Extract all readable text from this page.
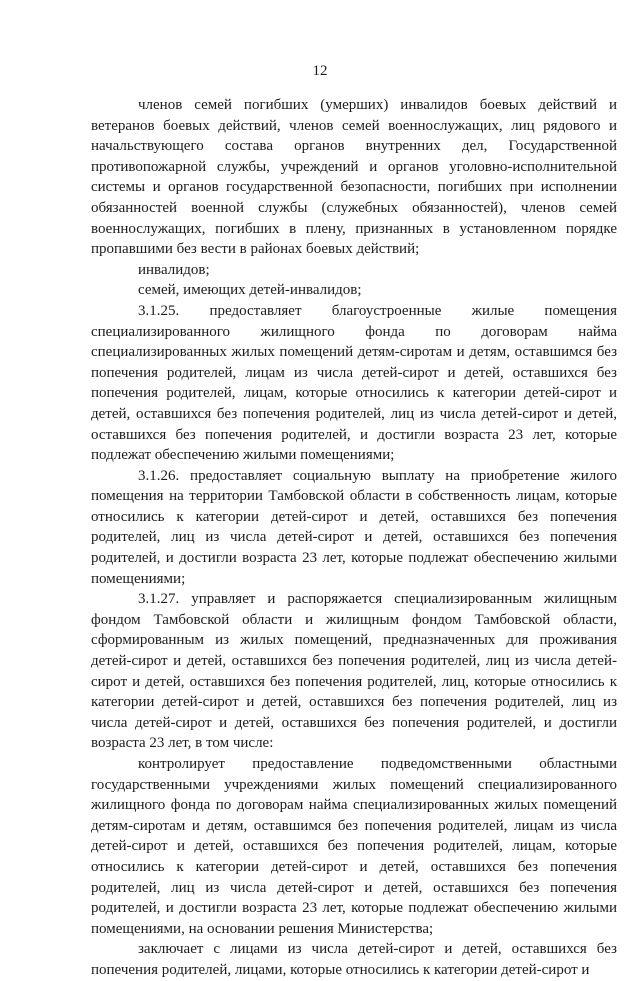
12

членов семей погибших (умерших) инвалидов боевых действий и ветеранов боевых действий, членов семей военнослужащих, лиц рядового и начальствующего состава органов внутренних дел, Государственной противопожарной службы, учреждений и органов уголовно-исполнительной системы и органов государственной безопасности, погибших при исполнении обязанностей военной службы (служебных обязанностей), членов семей военнослужащих, погибших в плену, признанных в установленном порядке пропавшими без вести в районах боевых действий;

инвалидов;

семей, имеющих детей-инвалидов;

3.1.25. предоставляет благоустроенные жилые помещения специализированного жилищного фонда по договорам найма специализированных жилых помещений детям-сиротам и детям, оставшимся без попечения родителей, лицам из числа детей-сирот и детей, оставшихся без попечения родителей, лицам, которые относились к категории детей-сирот и детей, оставшихся без попечения родителей, лиц из числа детей-сирот и детей, оставшихся без попечения родителей, и достигли возраста 23 лет, которые подлежат обеспечению жилыми помещениями;

3.1.26. предоставляет социальную выплату на приобретение жилого помещения на территории Тамбовской области в собственность лицам, которые относились к категории детей-сирот и детей, оставшихся без попечения родителей, лиц из числа детей-сирот и детей, оставшихся без попечения родителей, и достигли возраста 23 лет, которые подлежат обеспечению жилыми помещениями;

3.1.27. управляет и распоряжается специализированным жилищным фондом Тамбовской области и жилищным фондом Тамбовской области, сформированным из жилых помещений, предназначенных для проживания детей-сирот и детей, оставшихся без попечения родителей, лиц из числа детей-сирот и детей, оставшихся без попечения родителей, лиц, которые относились к категории детей-сирот и детей, оставшихся без попечения родителей, лиц из числа детей-сирот и детей, оставшихся без попечения родителей, и достигли возраста 23 лет, в том числе:

контролирует предоставление подведомственными областными государственными учреждениями жилых помещений специализированного жилищного фонда по договорам найма специализированных жилых помещений детям-сиротам и детям, оставшимся без попечения родителей, лицам из числа детей-сирот и детей, оставшихся без попечения родителей, лицам, которые относились к категории детей-сирот и детей, оставшихся без попечения родителей, лиц из числа детей-сирот и детей, оставшихся без попечения родителей, и достигли возраста 23 лет, которые подлежат обеспечению жилыми помещениями, на основании решения Министерства;

заключает с лицами из числа детей-сирот и детей, оставшихся без попечения родителей, лицами, которые относились к категории детей-сирот и
